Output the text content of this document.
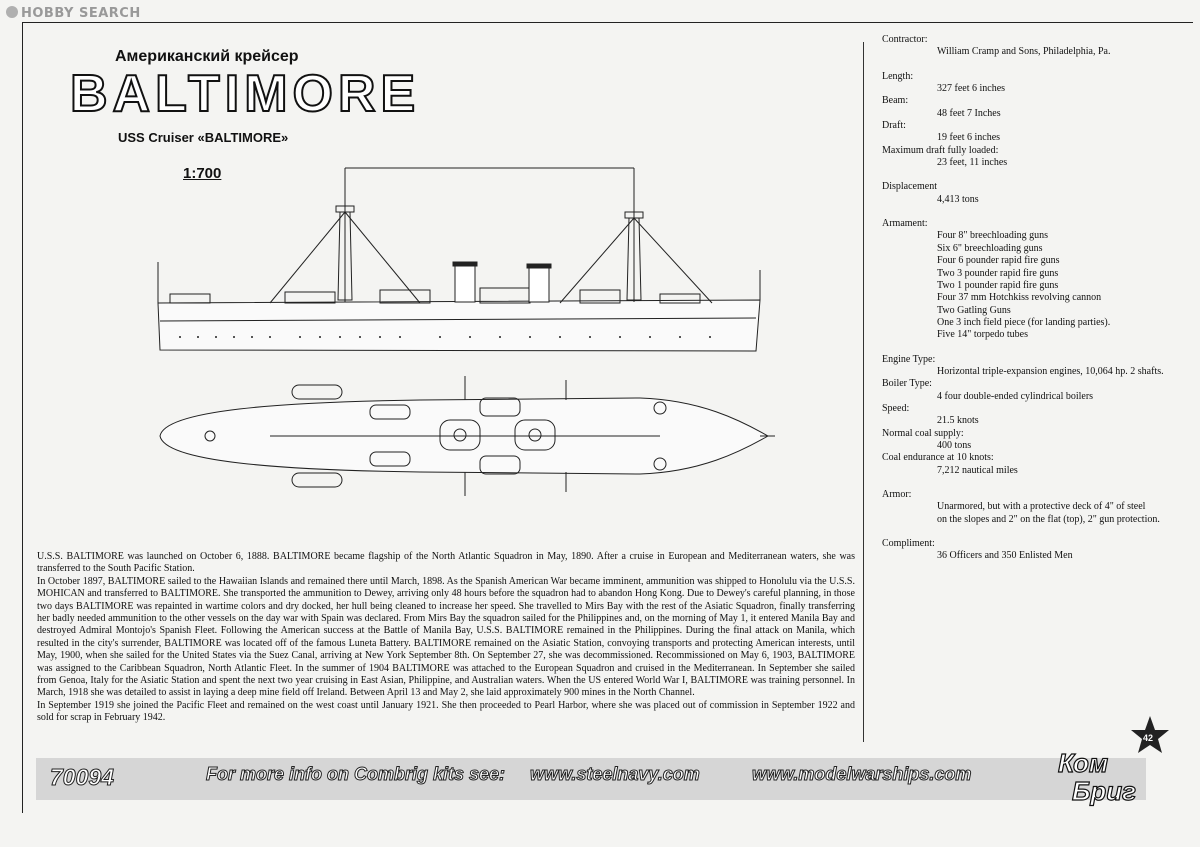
HOBBY SEARCH
Американский крейсер
BALTIMORE
USS Cruiser «BALTIMORE»
1:700
Contractor:
William Cramp and Sons, Philadelphia, Pa.
Length:
327 feet 6 inches
Beam:
48 feet 7 Inches
Draft:
19 feet 6 inches
Maximum draft fully loaded:
23 feet, 11 inches
Displacement
4,413 tons
Armament:
Four 8" breechloading guns
Six 6" breechloading guns
Four 6 pounder rapid fire guns
Two 3 pounder rapid fire guns
Two 1 pounder rapid fire guns
Four 37 mm Hotchkiss revolving cannon
Two Gatling Guns
One 3 inch field piece (for landing parties).
Five 14" torpedo tubes
Engine Type:
Horizontal triple-expansion engines, 10,064 hp. 2 shafts.
Boiler Type:
4 four double-ended cylindrical boilers
Speed:
21.5 knots
Normal coal supply:
400 tons
Coal endurance at 10 knots:
7,212 nautical miles
Armor:
Unarmored, but with a protective deck of 4" of steel
on the slopes and 2" on the flat (top), 2" gun protection.
Compliment:
36 Officers and 350 Enlisted Men

U.S.S. BALTIMORE was launched on October 6, 1888. BALTIMORE became flagship of the North Atlantic Squadron in May, 1890. After a cruise in European and Mediterranean waters, she was transferred to the South Pacific Station.

In October 1897, BALTIMORE sailed to the Hawaiian Islands and remained there until March, 1898. As the Spanish American War became imminent, ammunition was shipped to Honolulu via the U.S.S. MOHICAN and transferred to BALTIMORE. She transported the ammunition to Dewey, arriving only 48 hours before the squadron had to abandon Hong Kong. Due to Dewey's careful planning, in those two days BALTIMORE was repainted in wartime colors and dry docked, her hull being cleaned to increase her speed. She travelled to Mirs Bay with the rest of the Asiatic Squadron, finally transferring her badly needed ammunition to the other vessels on the day war with Spain was declared. From Mirs Bay the squadron sailed for the Philippines and, on the morning of May 1, it entered Manila Bay and destroyed Admiral Montojo's Spanish Fleet. Following the American success at the Battle of Manila Bay, U.S.S. BALTIMORE remained in the Philippines. During the final attack on Manila, which resulted in the city's surrender, BALTIMORE was located off of the famous Luneta Battery. BALTIMORE remained on the Asiatic Station, convoying transports and protecting American interests, until May, 1900, when she sailed for the United States via the Suez Canal, arriving at New York September 8th. On September 27, she was decommissioned. Recommissioned on May 6, 1903, BALTIMORE was assigned to the Caribbean Squadron, North Atlantic Fleet. In the summer of 1904 BALTIMORE was attached to the European Squadron and cruised in the Mediterranean. In September she sailed from Genoa, Italy for the Asiatic Station and spent the next two year cruising in East Asian, Philippine, and Australian waters. When the US entered World War I, BALTIMORE was training personnel. In March, 1918 she was detailed to assist in laying a deep mine field off Ireland. Between April 13 and May 2, she laid approximately 900 mines in the North Channel.

In September 1919 she joined the Pacific Fleet and remained on the west coast until January 1921. She then proceeded to Pearl Harbor, where she was placed out of commission in September 1922 and sold for scrap in February 1942.

70094	For more info on Combrig kits see: www.steelnavy.com	www.modelwarships.com
42
Ком
Бриг
